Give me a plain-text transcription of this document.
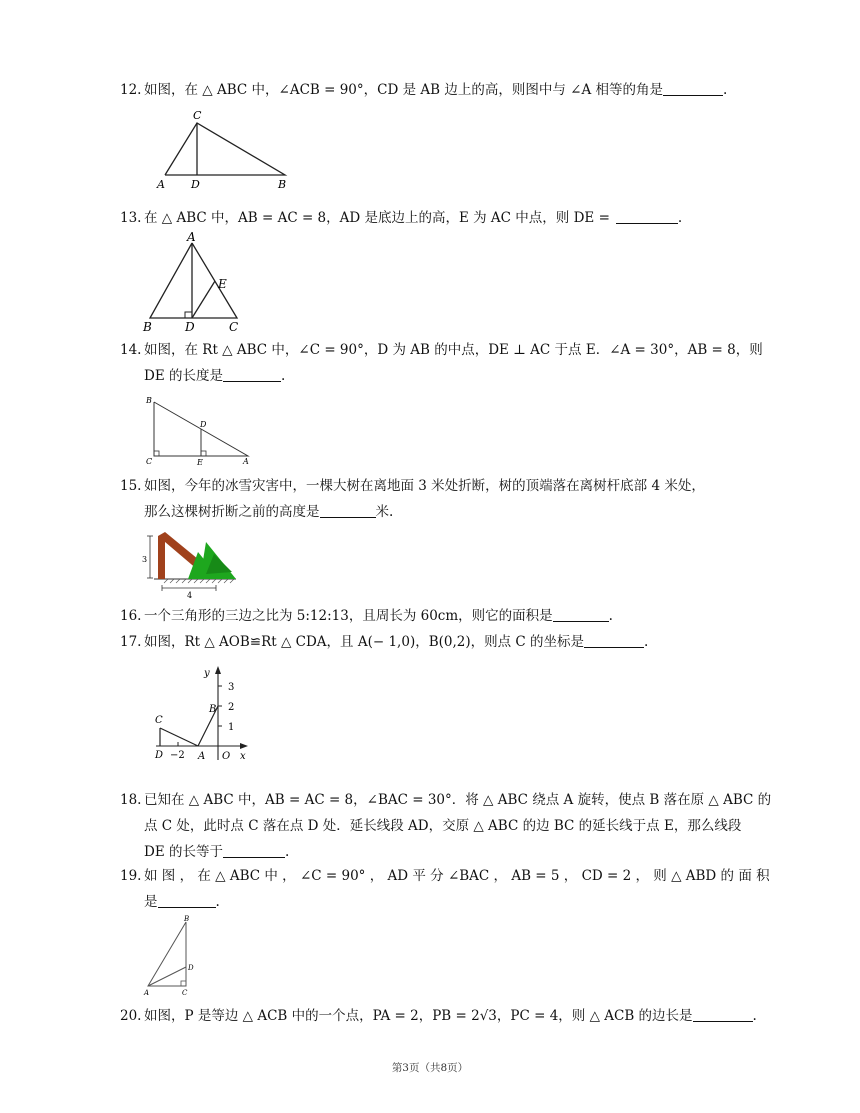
12. 如图，在 △ ABC 中，∠ACB = 90°，CD 是 AB 边上的高，则图中与 ∠A 相等的角是	.
C
A D	B
13. 在 △ ABC 中，AB = AC = 8，AD 是底边上的高，E 为 AC 中点，则 DE =	.
A
E
B	D	C
14. 如图，在 Rt △ ABC 中，∠C = 90°，D 为 AB 的中点，DE ⊥ AC 于点 E．∠A = 30°，AB = 8，则
DE 的长度是	.
B
D
C	E	A
15. 如图，今年的冰雪灾害中，一棵大树在离地面 3 米处折断，树的顶端落在离树杆底部 4 米处，
那么这棵树折断之前的高度是	米.
3
4
16. 一个三角形的三边之比为 5:12:13，且周长为 60cm，则它的面积是	.
17. 如图，Rt △ AOB≌Rt △ CDA，且 A(− 1,0)，B(0,2)，则点 C 的坐标是	.
y
3
2
1
B
C
D −2 A O x
18. 已知在 △ ABC 中，AB = AC = 8，∠BAC = 30°．将 △ ABC 绕点 A 旋转，使点 B 落在原 △ ABC 的
点 C 处，此时点 C 落在点 D 处．延长线段 AD，交原 △ ABC 的边 BC 的延长线于点 E，那么线段
DE 的长等于	.
19. 如 图 ， 在 △ ABC 中 ， ∠C = 90° ， AD 平 分 ∠BAC ， AB = 5 ， CD = 2 ， 则 △ ABD 的 面 积
是	.
B
D
A	C
20. 如图，P 是等边 △ ACB 中的一个点，PA = 2，PB = 2√3，PC = 4，则 △ ACB 的边长是	.
第3页（共8页）
